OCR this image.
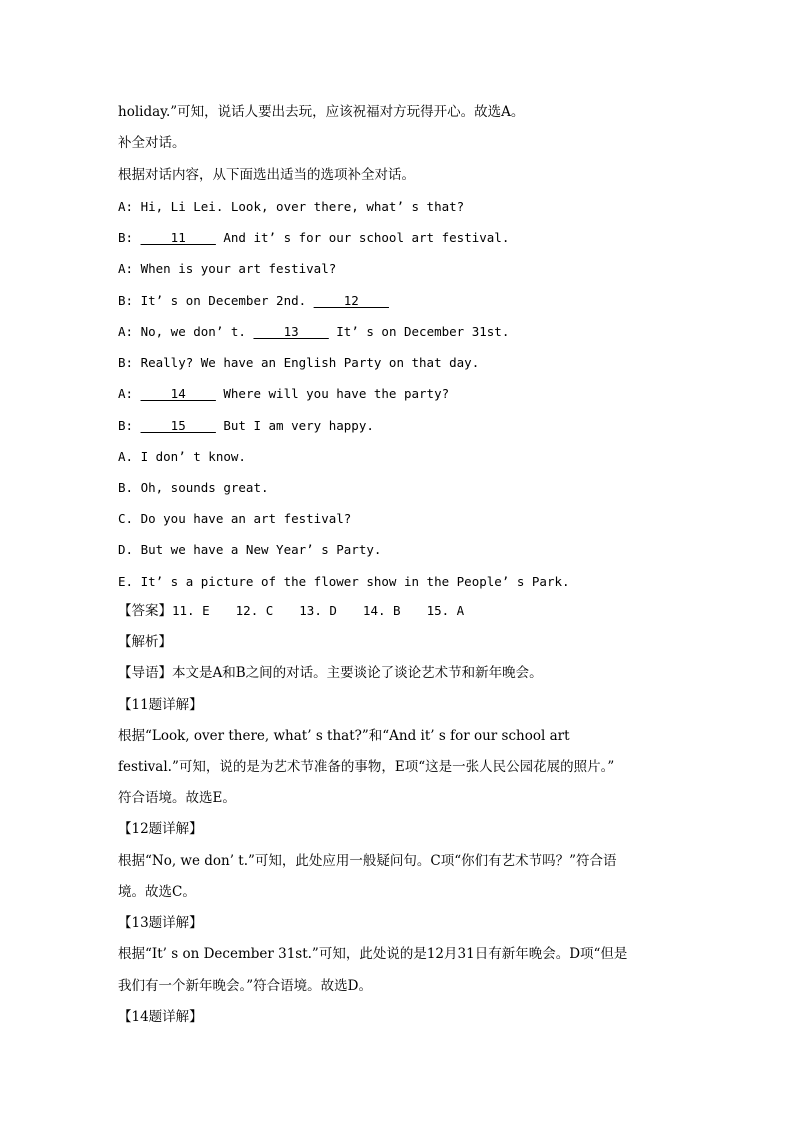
holiday.”可知，说话人要出去玩，应该祝福对方玩得开心。故选A。
补全对话。
根据对话内容，从下面选出适当的选项补全对话。
A: Hi, Li Lei. Look, over there, what’ s that?
B: ____11____ And it’ s for our school art festival.
A: When is your art festival?
B: It’ s on December 2nd. ____12____
A: No, we don’ t. ____13____ It’ s on December 31st.
B: Really? We have an English Party on that day.
A: ____14____ Where will you have the party?
B: ____15____ But I am very happy.
A. I don’ t know.
B. Oh, sounds great.
C. Do you have an art festival?
D. But we have a New Year’ s Party.
E. It’ s a picture of the flower show in the People’ s Park.
【答案】11. E 12. C 13. D 14. B 15. A
【解析】
【导语】本文是A和B之间的对话。主要谈论了谈论艺术节和新年晚会。
【11题详解】
根据“Look, over there, what’ s that?”和“And it’ s for our school art
festival.”可知，说的是为艺术节准备的事物，E项“这是一张人民公园花展的照片。”
符合语境。故选E。
【12题详解】
根据“No, we don’ t.”可知，此处应用一般疑问句。C项“你们有艺术节吗？”符合语
境。故选C。
【13题详解】
根据“It’ s on December 31st.”可知，此处说的是12月31日有新年晚会。D项“但是
我们有一个新年晚会。”符合语境。故选D。
【14题详解】
